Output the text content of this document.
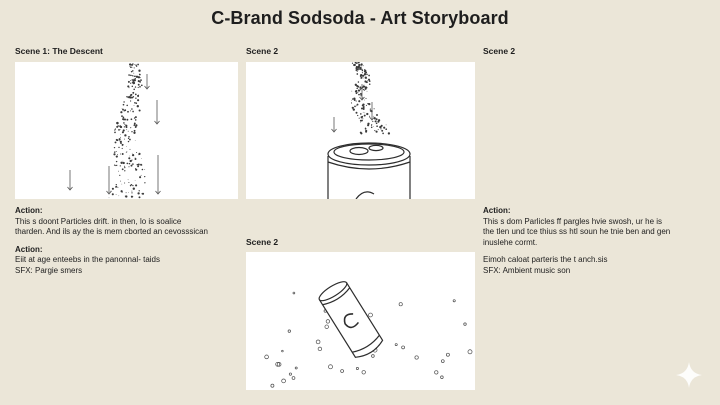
C-Brand Sodsoda - Art Storyboard
Scene 1: The Descent
Action:
This s doont Particles drift. in then, lo is soalice
tharden. And ils ay the is mem cborted an cevosssican
Action:
Eiit at age enteebs in the panonnal- taids
SFX: Pargie smers
Scene 2	Scene 2
Action:
This s dom Parlicles ff pargles hvie swosh, ur he is
the tlen und tce thius ss htl soun he tnie ben and gen
inuslehe cormt.
Eimoh caloat parteris the t anch.sis
SFX: Ambient music son
Scene 2
